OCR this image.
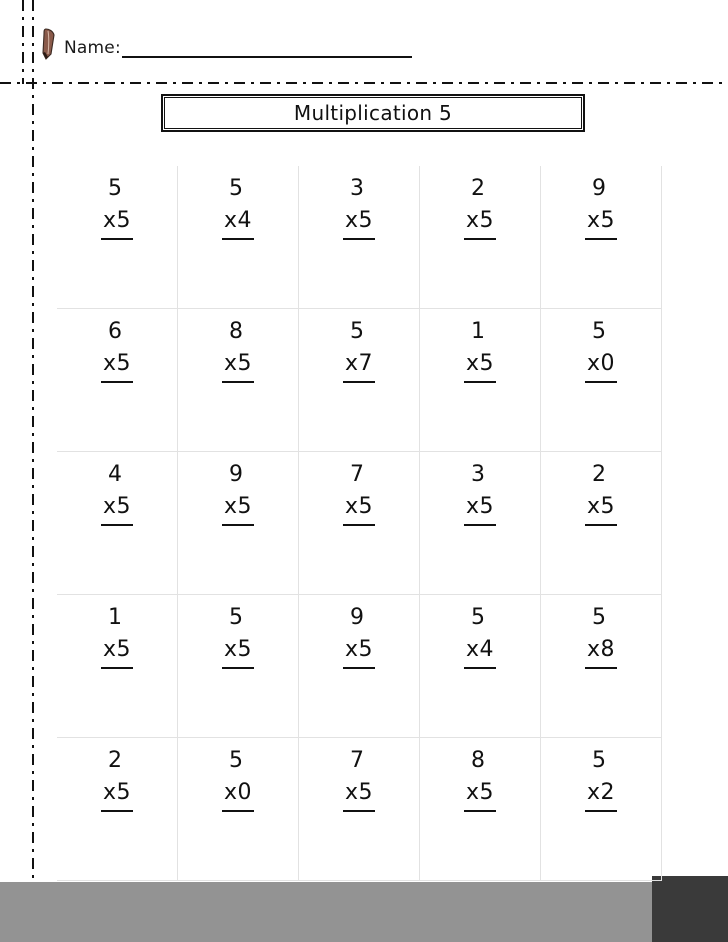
Name:
Multiplication 5
5
x5
5
x4
3
x5
2
x5
9
x5
6
x5
8
x5
5
x7
1
x5
5
x0
4
x5
9
x5
7
x5
3
x5
2
x5
1
x5
5
x5
9
x5
5
x4
5
x8
2
x5
5
x0
7
x5
8
x5
5
x2
